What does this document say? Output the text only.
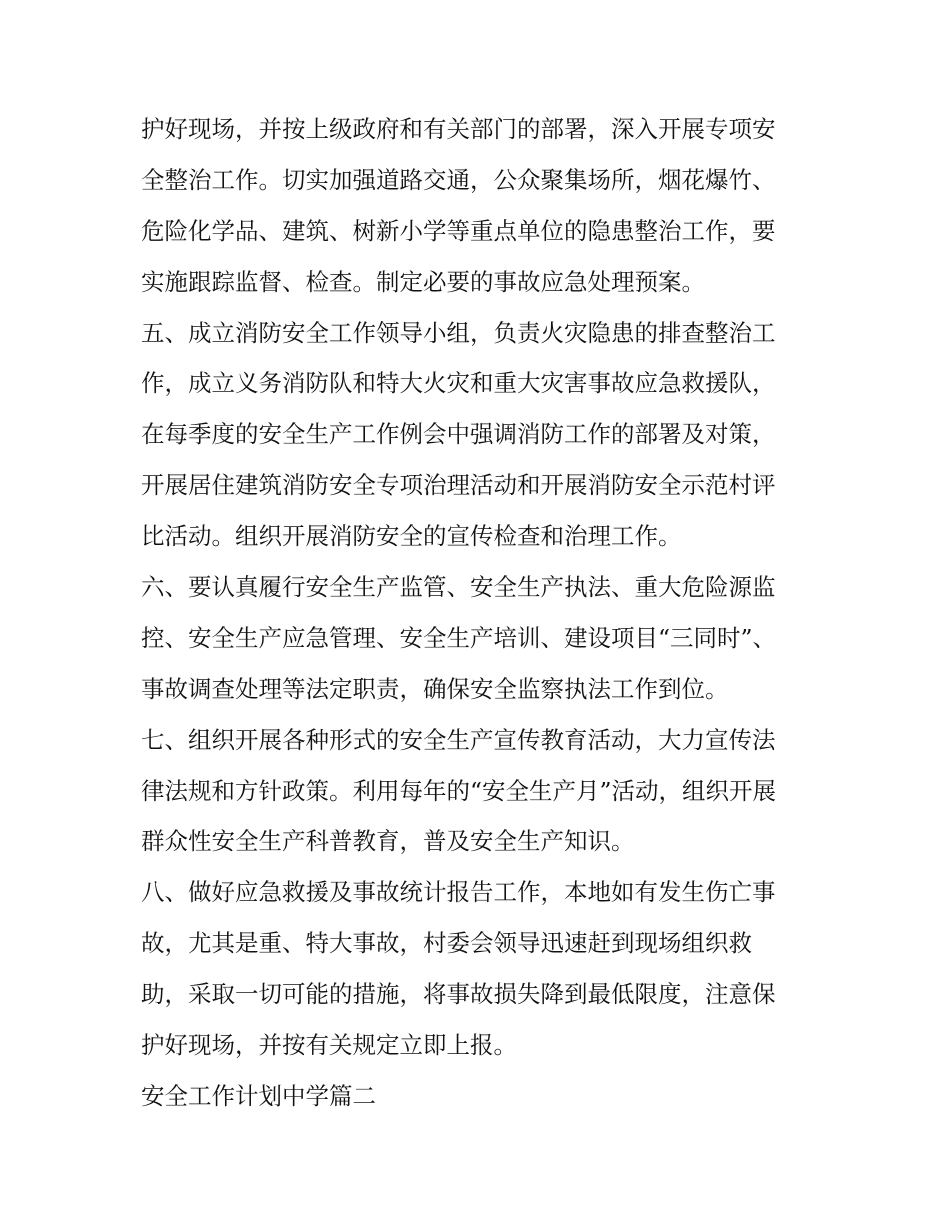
护好现场，并按上级政府和有关部门的部署，深入开展专项安

全整治工作。切实加强道路交通，公众聚集场所，烟花爆竹、

危险化学品、建筑、树新小学等重点单位的隐患整治工作，要

实施跟踪监督、检查。制定必要的事故应急处理预案。

五、成立消防安全工作领导小组，负责火灾隐患的排查整治工

作，成立义务消防队和特大火灾和重大灾害事故应急救援队，

在每季度的安全生产工作例会中强调消防工作的部署及对策，

开展居住建筑消防安全专项治理活动和开展消防安全示范村评

比活动。组织开展消防安全的宣传检查和治理工作。

六、要认真履行安全生产监管、安全生产执法、重大危险源监

控、安全生产应急管理、安全生产培训、建设项目“三同时”、

事故调查处理等法定职责，确保安全监察执法工作到位。

七、组织开展各种形式的安全生产宣传教育活动，大力宣传法

律法规和方针政策。利用每年的“安全生产月”活动，组织开展

群众性安全生产科普教育，普及安全生产知识。

八、做好应急救援及事故统计报告工作，本地如有发生伤亡事

故，尤其是重、特大事故，村委会领导迅速赶到现场组织救

助，采取一切可能的措施，将事故损失降到最低限度，注意保

护好现场，并按有关规定立即上报。

安全工作计划中学篇二
